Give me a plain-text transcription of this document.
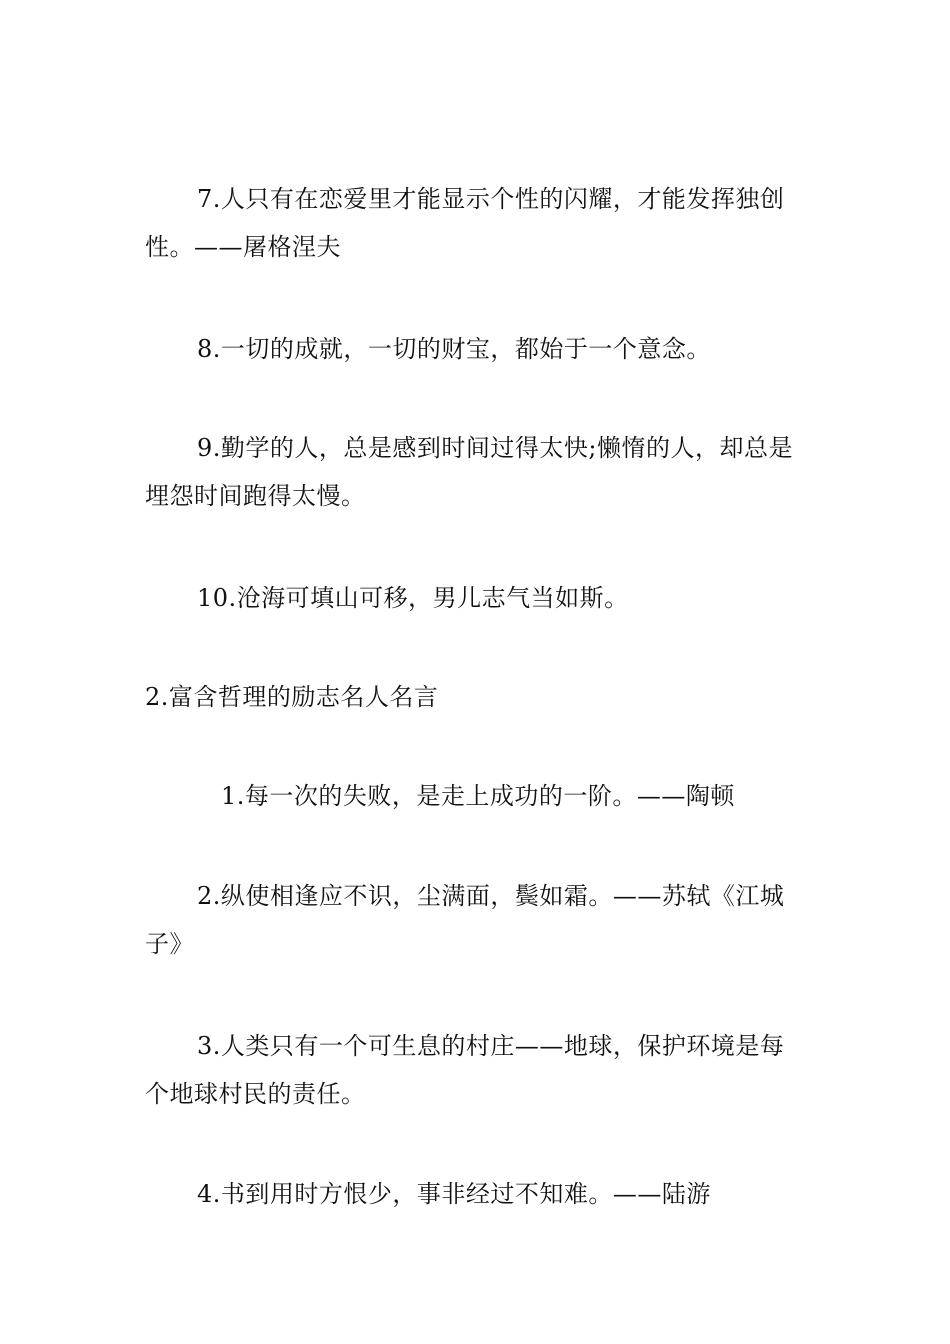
7.人只有在恋爱里才能显示个性的闪耀，才能发挥独创性。——屠格涅夫

8.一切的成就，一切的财宝，都始于一个意念。

9.勤学的人，总是感到时间过得太快;懒惰的人，却总是埋怨时间跑得太慢。

10.沧海可填山可移，男儿志气当如斯。

2.富含哲理的励志名人名言

1.每一次的失败，是走上成功的一阶。——陶顿

2.纵使相逢应不识，尘满面，鬓如霜。——苏轼《江城子》

3.人类只有一个可生息的村庄——地球，保护环境是每个地球村民的责任。

4.书到用时方恨少，事非经过不知难。——陆游
